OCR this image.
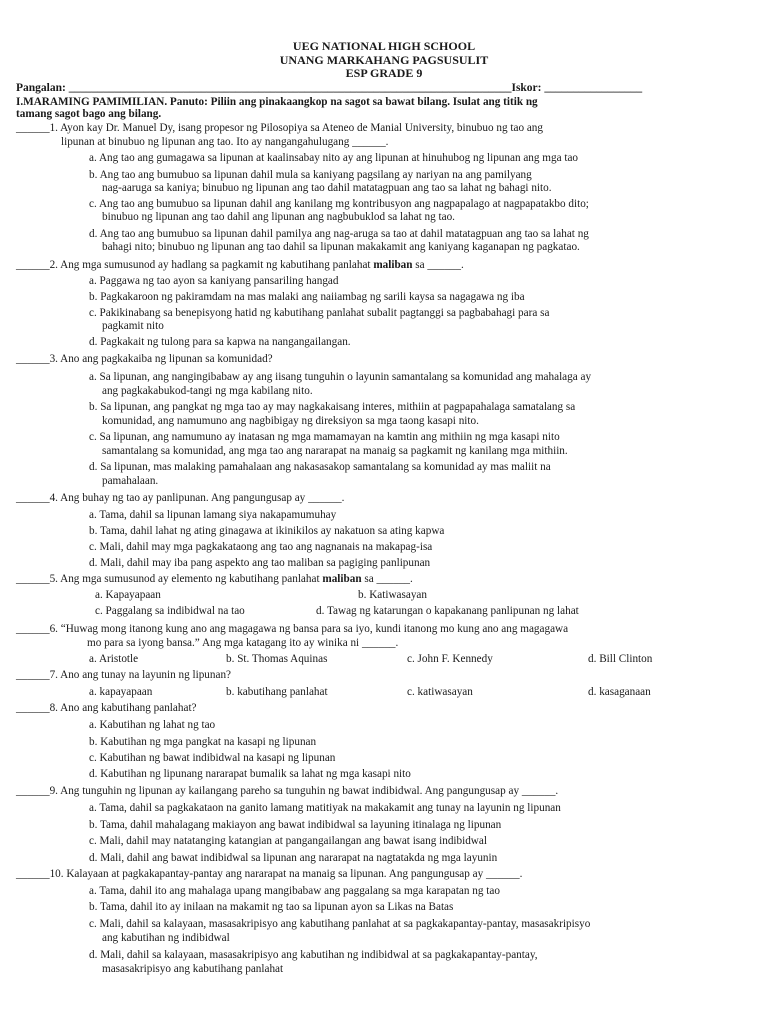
UEG NATIONAL HIGH SCHOOL
UNANG MARKAHANG PAGSUSULIT
ESP GRADE 9
Pangalan: _____________________________________________________________________________Iskor: _________________
I.MARAMING PAMIMILIAN. Panuto: Piliin ang pinakaangkop na sagot sa bawat bilang. Isulat ang titik ng
tamang sagot bago ang bilang.
______1. Ayon kay Dr. Manuel Dy, isang propesor ng Pilosopiya sa Ateneo de Manial University, binubuo ng tao ang
lipunan at binubuo ng lipunan ang tao. Ito ay nangangahulugang ______.
a. Ang tao ang gumagawa sa lipunan at kaalinsabay nito ay ang lipunan at hinuhubog ng lipunan ang mga tao
b. Ang tao ang bumubuo sa lipunan dahil mula sa kaniyang pagsilang ay nariyan na ang pamilyang
nag-aaruga sa kaniya; binubuo ng lipunan ang tao dahil matatagpuan ang tao sa lahat ng bahagi nito.
c. Ang tao ang bumubuo sa lipunan dahil ang kanilang mg kontribusyon ang nagpapalago at nagpapatakbo dito;
binubuo ng lipunan ang tao dahil ang lipunan ang nagbubuklod sa lahat ng tao.
d. Ang tao ang bumubuo sa lipunan dahil pamilya ang nag-aruga sa tao at dahil matatagpuan ang tao sa lahat ng
bahagi nito; binubuo ng lipunan ang tao dahil sa lipunan makakamit ang kaniyang kaganapan ng pagkatao.
______2. Ang mga sumusunod ay hadlang sa pagkamit ng kabutihang panlahat maliban sa ______.
a. Paggawa ng tao ayon sa kaniyang pansariling hangad
b. Pagkakaroon ng pakiramdam na mas malaki ang naiiambag ng sarili kaysa sa nagagawa ng iba
c. Pakikinabang sa benepisyong hatid ng kabutihang panlahat subalit pagtanggi sa pagbabahagi para sa
pagkamit nito
d. Pagkakait ng tulong para sa kapwa na nangangailangan.
______3. Ano ang pagkakaiba ng lipunan sa komunidad?
a. Sa lipunan, ang nangingibabaw ay ang iisang tunguhin o layunin samantalang sa komunidad ang mahalaga ay
ang pagkakabukod-tangi ng mga kabilang nito.
b. Sa lipunan, ang pangkat ng mga tao ay may nagkakaisang interes, mithiin at pagpapahalaga samatalang sa
komunidad, ang namumuno ang nagbibigay ng direksiyon sa mga taong kasapi nito.
c. Sa lipunan, ang namumuno ay inatasan ng mga mamamayan na kamtin ang mithiin ng mga kasapi nito
samantalang sa komunidad, ang mga tao ang nararapat na manaig sa pagkamit ng kanilang mga mithiin.
d. Sa lipunan, mas malaking pamahalaan ang nakasasakop samantalang sa komunidad ay mas maliit na
pamahalaan.
______4. Ang buhay ng tao ay panlipunan. Ang pangungusap ay ______.
a. Tama, dahil sa lipunan lamang siya nakapamumuhay
b. Tama, dahil lahat ng ating ginagawa at ikinikilos ay nakatuon sa ating kapwa
c. Mali, dahil may mga pagkakataong ang tao ang nagnanais na makapag-isa
d. Mali, dahil may iba pang aspekto ang tao maliban sa pagiging panlipunan
______5. Ang mga sumusunod ay elemento ng kabutihang panlahat maliban sa ______.
a. Kapayapaan	b. Katiwasayan
c. Paggalang sa indibidwal na tao	d. Tawag ng katarungan o kapakanang panlipunan ng lahat
______6. “Huwag mong itanong kung ano ang magagawa ng bansa para sa iyo, kundi itanong mo kung ano ang magagawa
mo para sa iyong bansa.” Ang mga katagang ito ay winika ni ______.
a. Aristotle	b. St. Thomas Aquinas	c. John F. Kennedy	d. Bill Clinton
______7. Ano ang tunay na layunin ng lipunan?
a. kapayapaan	b. kabutihang panlahat	c. katiwasayan	d. kasaganaan
______8. Ano ang kabutihang panlahat?
a. Kabutihan ng lahat ng tao
b. Kabutihan ng mga pangkat na kasapi ng lipunan
c. Kabutihan ng bawat indibidwal na kasapi ng lipunan
d. Kabutihan ng lipunang nararapat bumalik sa lahat ng mga kasapi nito
______9. Ang tunguhin ng lipunan ay kailangang pareho sa tunguhin ng bawat indibidwal. Ang pangungusap ay ______.
a. Tama, dahil sa pagkakataon na ganito lamang matitiyak na makakamit ang tunay na layunin ng lipunan
b. Tama, dahil mahalagang makiayon ang bawat indibidwal sa layuning itinalaga ng lipunan
c. Mali, dahil may natatanging katangian at pangangailangan ang bawat isang indibidwal
d. Mali, dahil ang bawat indibidwal sa lipunan ang nararapat na nagtatakda ng mga layunin
______10. Kalayaan at pagkakapantay-pantay ang nararapat na manaig sa lipunan. Ang pangungusap ay ______.
a. Tama, dahil ito ang mahalaga upang mangibabaw ang paggalang sa mga karapatan ng tao
b. Tama, dahil ito ay inilaan na makamit ng tao sa lipunan ayon sa Likas na Batas
c. Mali, dahil sa kalayaan, masasakripisyo ang kabutihang panlahat at sa pagkakapantay-pantay, masasakripisyo
ang kabutihan ng indibidwal
d. Mali, dahil sa kalayaan, masasakripisyo ang kabutihan ng indibidwal at sa pagkakapantay-pantay,
masasakripisyo ang kabutihang panlahat
